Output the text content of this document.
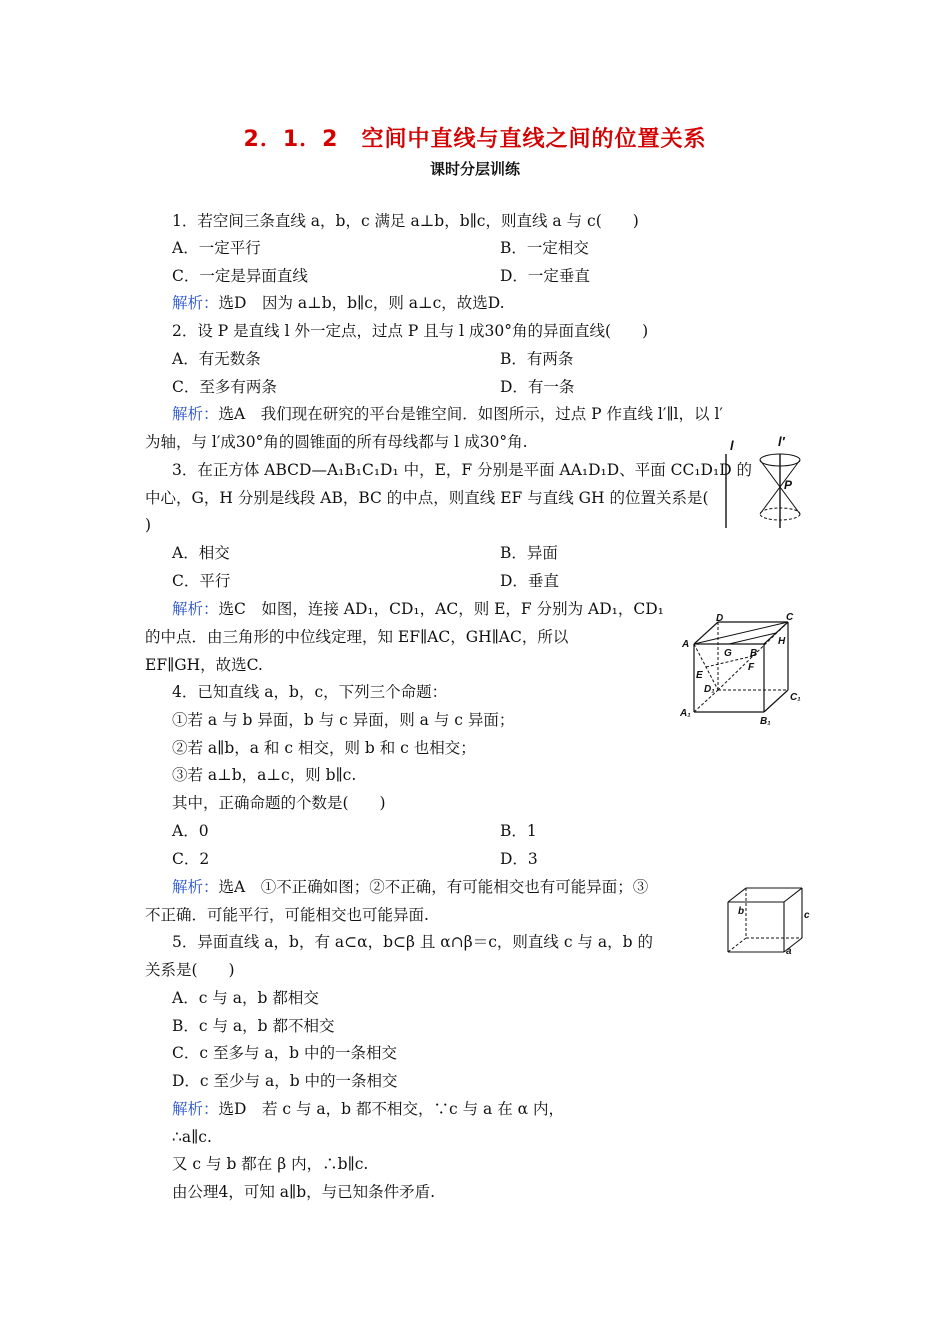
2．1．2　空间中直线与直线之间的位置关系
课时分层训练
1．若空间三条直线 a，b，c 满足 a⊥b，b∥c，则直线 a 与 c(　　)
A．一定平行	B．一定相交
C．一定是异面直线	D．一定垂直
解析：选D　因为 a⊥b，b∥c，则 a⊥c，故选D.
2．设 P 是直线 l 外一定点，过点 P 且与 l 成30°角的异面直线(　　)
A．有无数条	B．有两条
C．至多有两条	D．有一条
解析：选A　我们现在研究的平台是锥空间．如图所示，过点 P 作直线 l′∥l，以 l′
为轴，与 l′成30°角的圆锥面的所有母线都与 l 成30°角.	l	l′
P
3．在正方体 ABCD—A₁B₁C₁D₁ 中，E，F 分别是平面 AA₁D₁D、平面 CC₁D₁D 的
中心，G，H 分别是线段 AB，BC 的中点，则直线 EF 与直线 GH 的位置关系是(
)
A．相交	B．异面
C．平行	D．垂直
解析：选C　如图，连接 AD₁，CD₁，AC，则 E，F 分别为 AD₁，CD₁
的中点．由三角形的中位线定理，知 EF∥AC，GH∥AC，所以
EF∥GH，故选C.
D	C
A
G B
H
F
E
D₁
C₁
A₁
B₁
4．已知直线 a，b，c，下列三个命题：
①若 a 与 b 异面，b 与 c 异面，则 a 与 c 异面；
②若 a∥b，a 和 c 相交，则 b 和 c 也相交；
③若 a⊥b，a⊥c，则 b∥c.
其中，正确命题的个数是(　　)
A．0	B．1
C．2	D．3
解析：选A　①不正确如图；②不正确，有可能相交也有可能异面；③
不正确．可能平行，可能相交也可能异面.	b	c
a
5．异面直线 a，b，有 a⊂α，b⊂β 且 α∩β＝c，则直线 c 与 a，b 的
关系是(　　)
A．c 与 a，b 都相交
B．c 与 a，b 都不相交
C．c 至多与 a，b 中的一条相交
D．c 至少与 a，b 中的一条相交
解析：选D　若 c 与 a，b 都不相交，∵c 与 a 在 α 内，
∴a∥c.
又 c 与 b 都在 β 内，∴b∥c.
由公理4，可知 a∥b，与已知条件矛盾.
